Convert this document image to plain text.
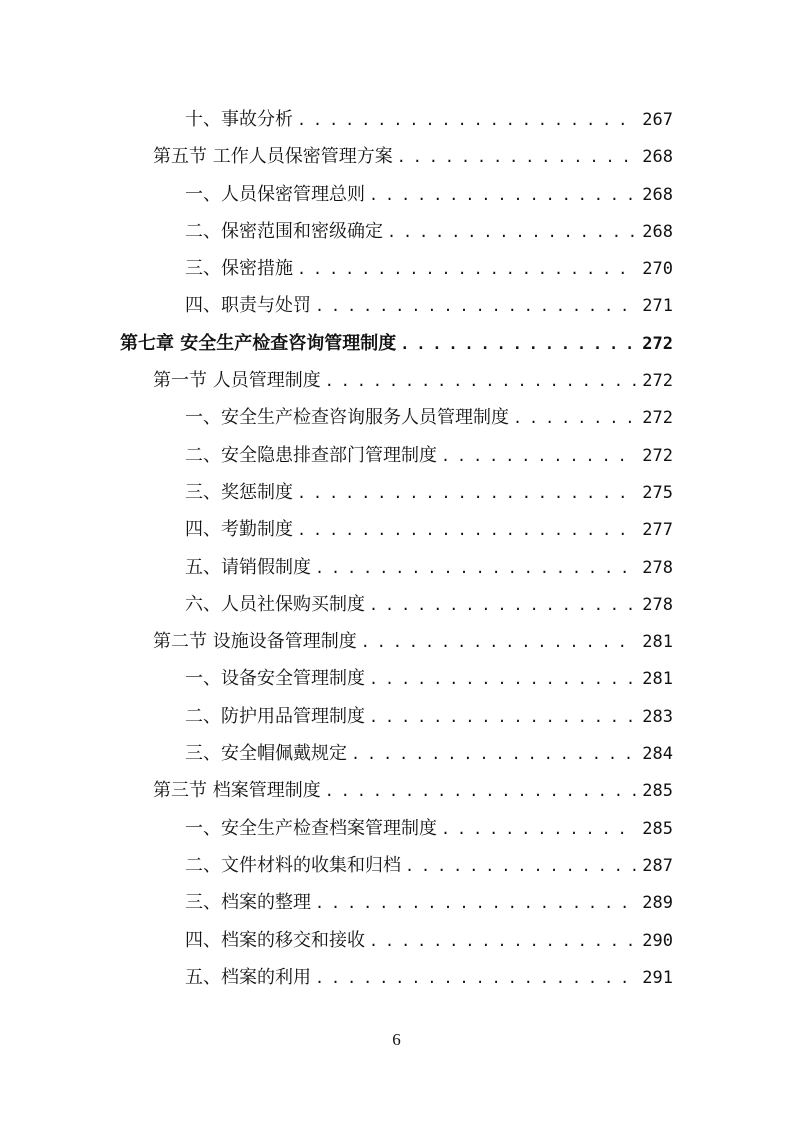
十、事故分析 . . .	267
第五节 工作人员保密管理方案 . . .	268
一、人员保密管理总则 . . .	268
二、保密范围和密级确定 . . .	268
三、保密措施 . . .	270
四、职责与处罚 . . .	271
第七章 安全生产检查咨询管理制度 . . .	272
第一节 人员管理制度 . . .	272
一、安全生产检查咨询服务人员管理制度 . . .	272
二、安全隐患排查部门管理制度 . . .	272
三、奖惩制度 . . .	275
四、考勤制度 . . .	277
五、请销假制度 . . .	278
六、人员社保购买制度 . . .	278
第二节 设施设备管理制度 . . .	281
一、设备安全管理制度 . . .	281
二、防护用品管理制度 . . .	283
三、安全帽佩戴规定 . . .	284
第三节 档案管理制度 . . .	285
一、安全生产检查档案管理制度 . . .	285
二、文件材料的收集和归档 . . .	287
三、档案的整理 . . .	289
四、档案的移交和接收 . . .	290
五、档案的利用 . . .	291
6
